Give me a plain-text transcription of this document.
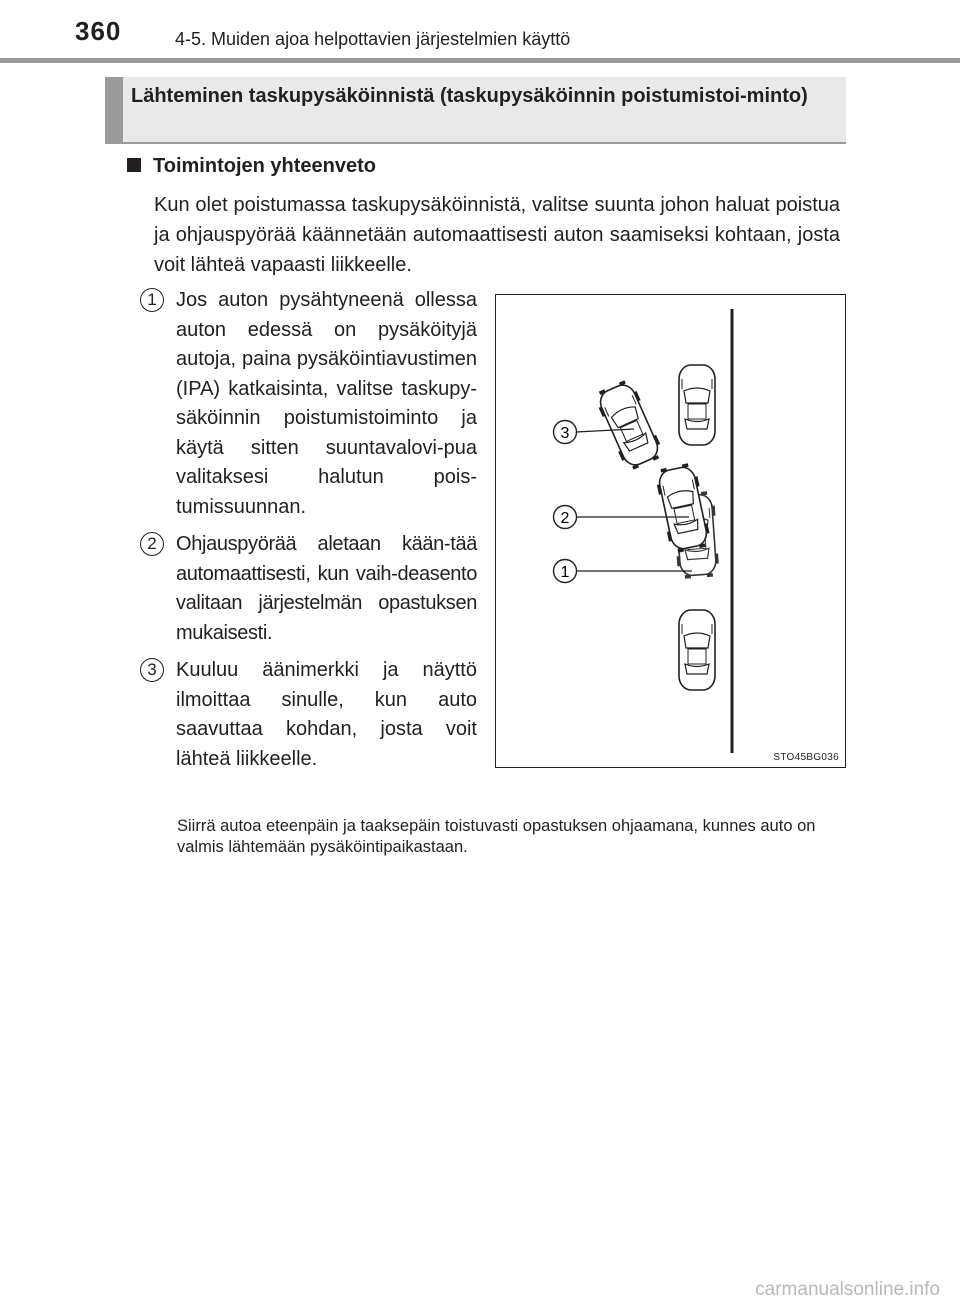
360	4-5. Muiden ajoa helpottavien järjestelmien käyttö
Lähteminen taskupysäköinnistä (taskupysäköinnin poistumistoi-minto)
Toimintojen yhteenveto
Kun olet poistumassa taskupysäköinnistä, valitse suunta johon haluat poistua ja ohjauspyörää käännetään automaattisesti auton saamiseksi kohtaan, josta voit lähteä vapaasti liikkeelle.
1 Jos auton pysähtyneenä ollessa auton edessä on pysäköityjä autoja, paina pysäköintiavustimen (IPA) katkaisinta, valitse taskupy-säköinnin poistumistoiminto ja käytä sitten suuntavalovi-pua valitaksesi halutun pois-tumissuunnan.
2 Ohjauspyörää aletaan kään-tää automaattisesti, kun vaih-deasento valitaan järjestelmän opastuksen mukaisesti.
3 Kuuluu äänimerkki ja näyttö ilmoittaa sinulle, kun auto saavuttaa kohdan, josta voit lähteä liikkeelle.
Siirrä autoa eteenpäin ja taaksepäin toistuvasti opastuksen ohjaamana, kunnes auto on valmis lähtemään pysäköintipaikastaan.
3
2
1
STO45BG036
carmanualsonline.info
